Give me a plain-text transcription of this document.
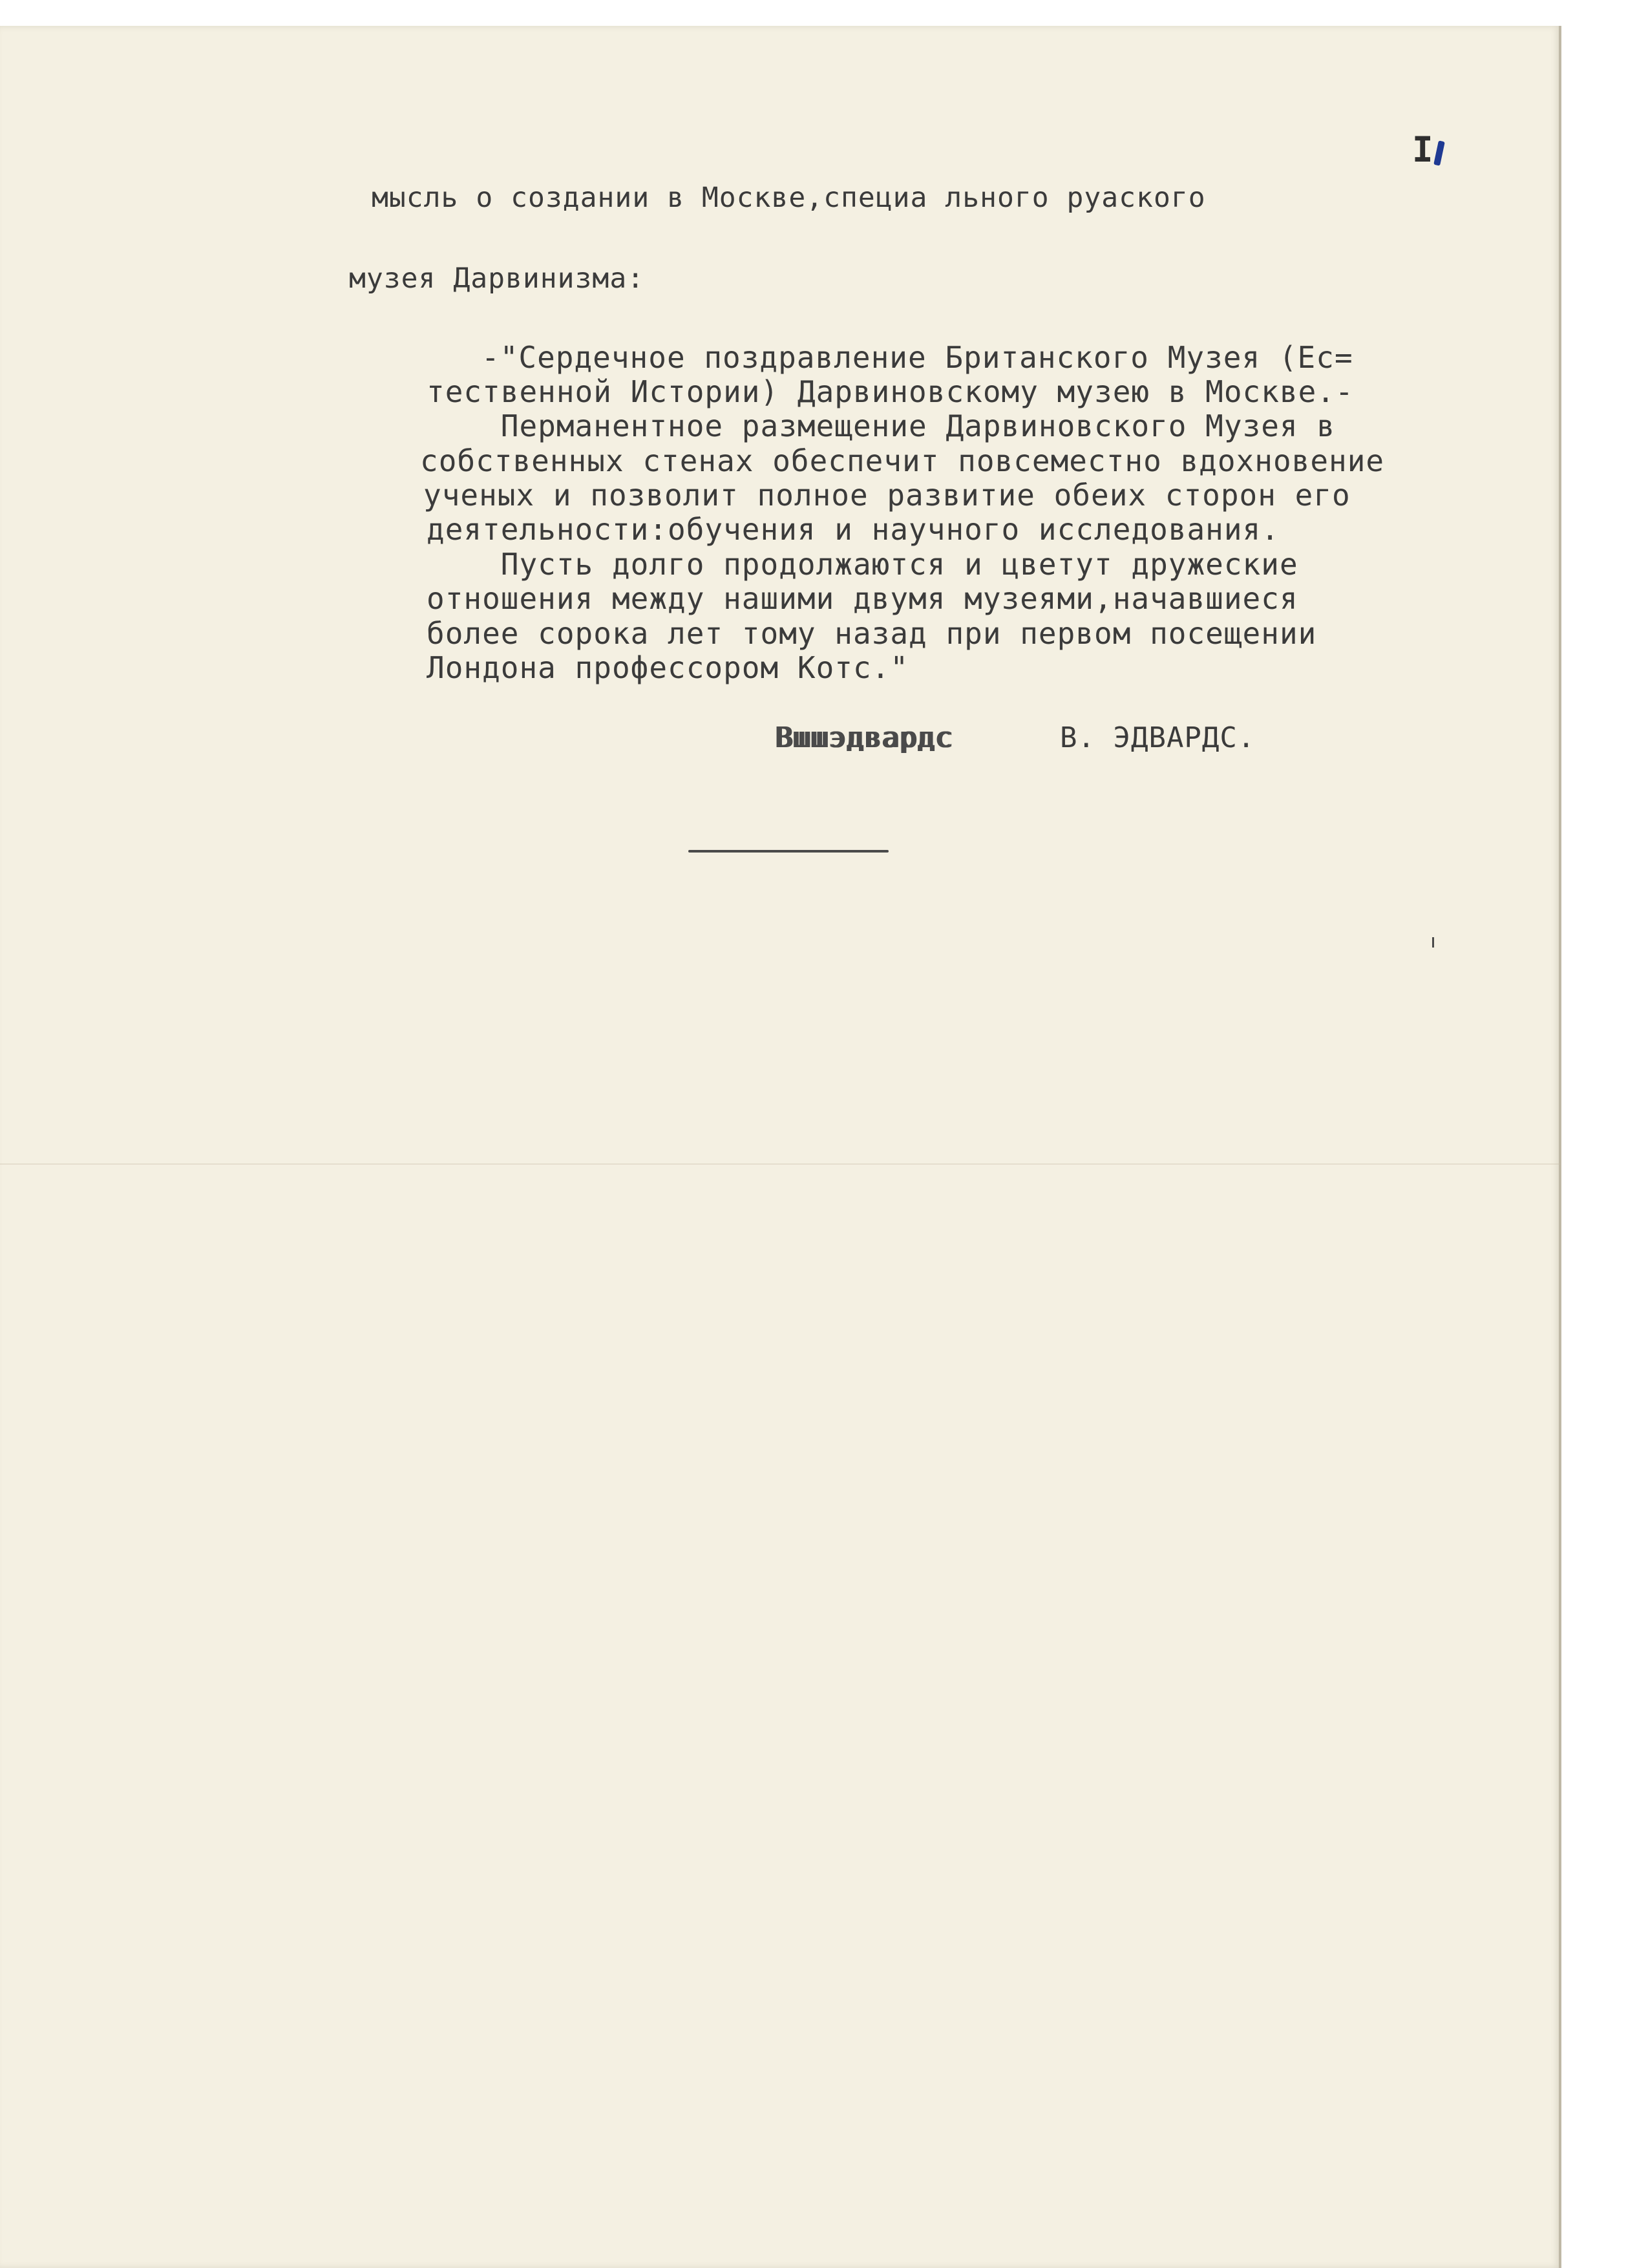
I
мысль о создании в Москве,специа льного руаского
музея Дарвинизма:
-"Сердечное поздравление Британского Музея (Ес=
тественной Истории) Дарвиновскому музею в Москве.-
Перманентное размещение Дарвиновского Музея в
собственных стенах обеспечит повсеместно вдохновение
ученых и позволит полное развитие обеих сторон его
деятельности:обучения и научного исследования.
Пусть долго продолжаются и цветут дружеские
отношения между нашими двумя музеями,начавшиеся
более сорока лет тому назад при первом посещении
Лондона профессором Котс."
Вшшэдвардс	В. ЭДВАРДС.
